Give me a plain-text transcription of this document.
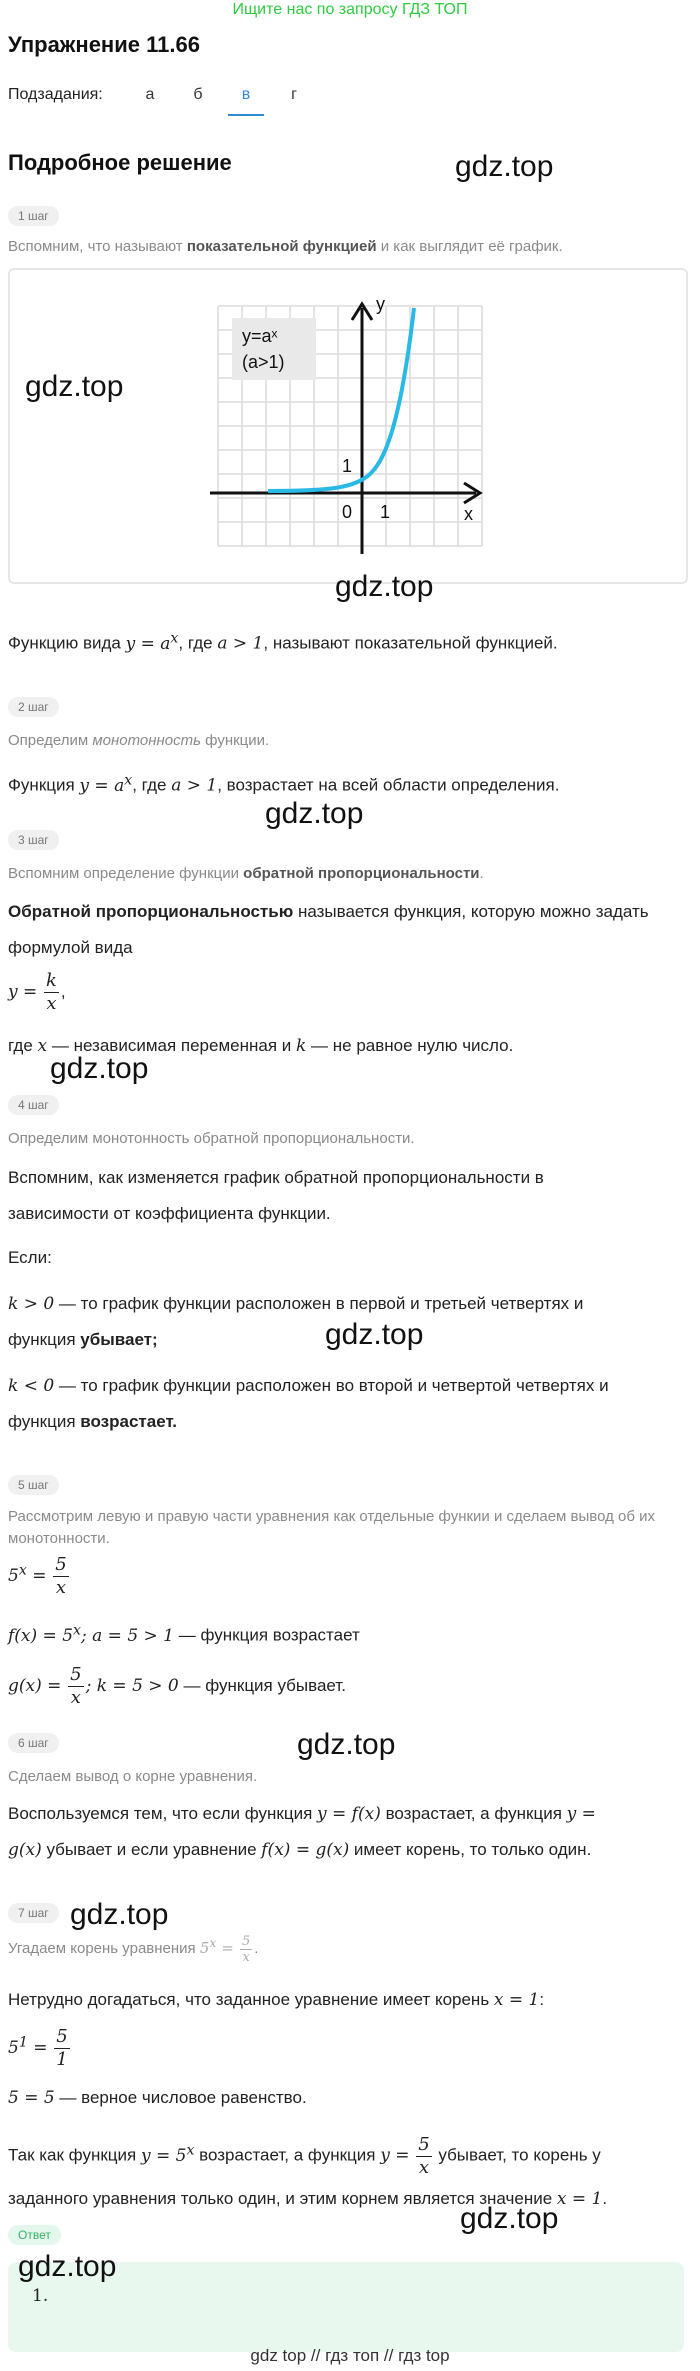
Ищите нас по запросу ГДЗ ТОП
Упражнение 11.66
Подзадания:	а	б	в	г
Подробное решение	gdz.top
1 шаг
Вспомним, что называют показательной функцией и как выглядит её график.
y=aˣ
(a>1)
y
x
0 1
1
gdz.top
gdz.top
Функцию вида $y = a^x$, где a > 1, называют показательной функцией.
2 шаг
Определим монотонность функции.
Функция $y = a^x$, где a > 1, возрастает на всей области определения.
gdz.top
3 шаг
Вспомним определение функции обратной пропорциональности.
Обратной пропорциональностью называется функция, которую можно задать
формулой вида
$y = \frac{k}{x}$ ,
где x — независимая переменная и k — не равное нулю число.
gdz.top
4 шаг
Определим монотонность обратной пропорциональности.
Вспомним, как изменяется график обратной пропорциональности в
зависимости от коэффициента функции.
Если:
k > 0 — то график функции расположен в первой и третьей четвертях и
функция убывает;	gdz.top
k < 0 — то график функции расположен во второй и четвертой четвертях и
функция возрастает.
5 шаг
Рассмотрим левую и правую части уравнения как отдельные функии и сделаем вывод об их монотонности.
$5^x = \frac{5}{x}$
$f(x) = 5^x$; a = 5 > 1 — функция возрастает
$g(x) = \frac{5}{x}$ ; k = 5 > 0 — функция убывает.
gdz.top
6 шаг
Сделаем вывод о корне уравнения.
Воспользуемся тем, что если функция y = f(x) возрастает, а функция y =
g(x) убывает и если уравнение f(x) = g(x) имеет корень, то только один.
7 шаг gdz.top
Угадаем корень уравнения $5^x = \frac{5}{x}$ .
Нетрудно догадаться, что заданное уравнение имеет корень x = 1:
$5^1 = \frac{5}{1}$
5 = 5 — верное числовое равенство.
Так как функция $y = 5^x$ возрастает, а функция $y = \frac{5}{x}$ убывает, то корень у
заданного уравнения только один, и этим корнем является значение x = 1.
gdz.top
Ответ
gdz.top
1.
gdz top // гдз топ // гдз top
